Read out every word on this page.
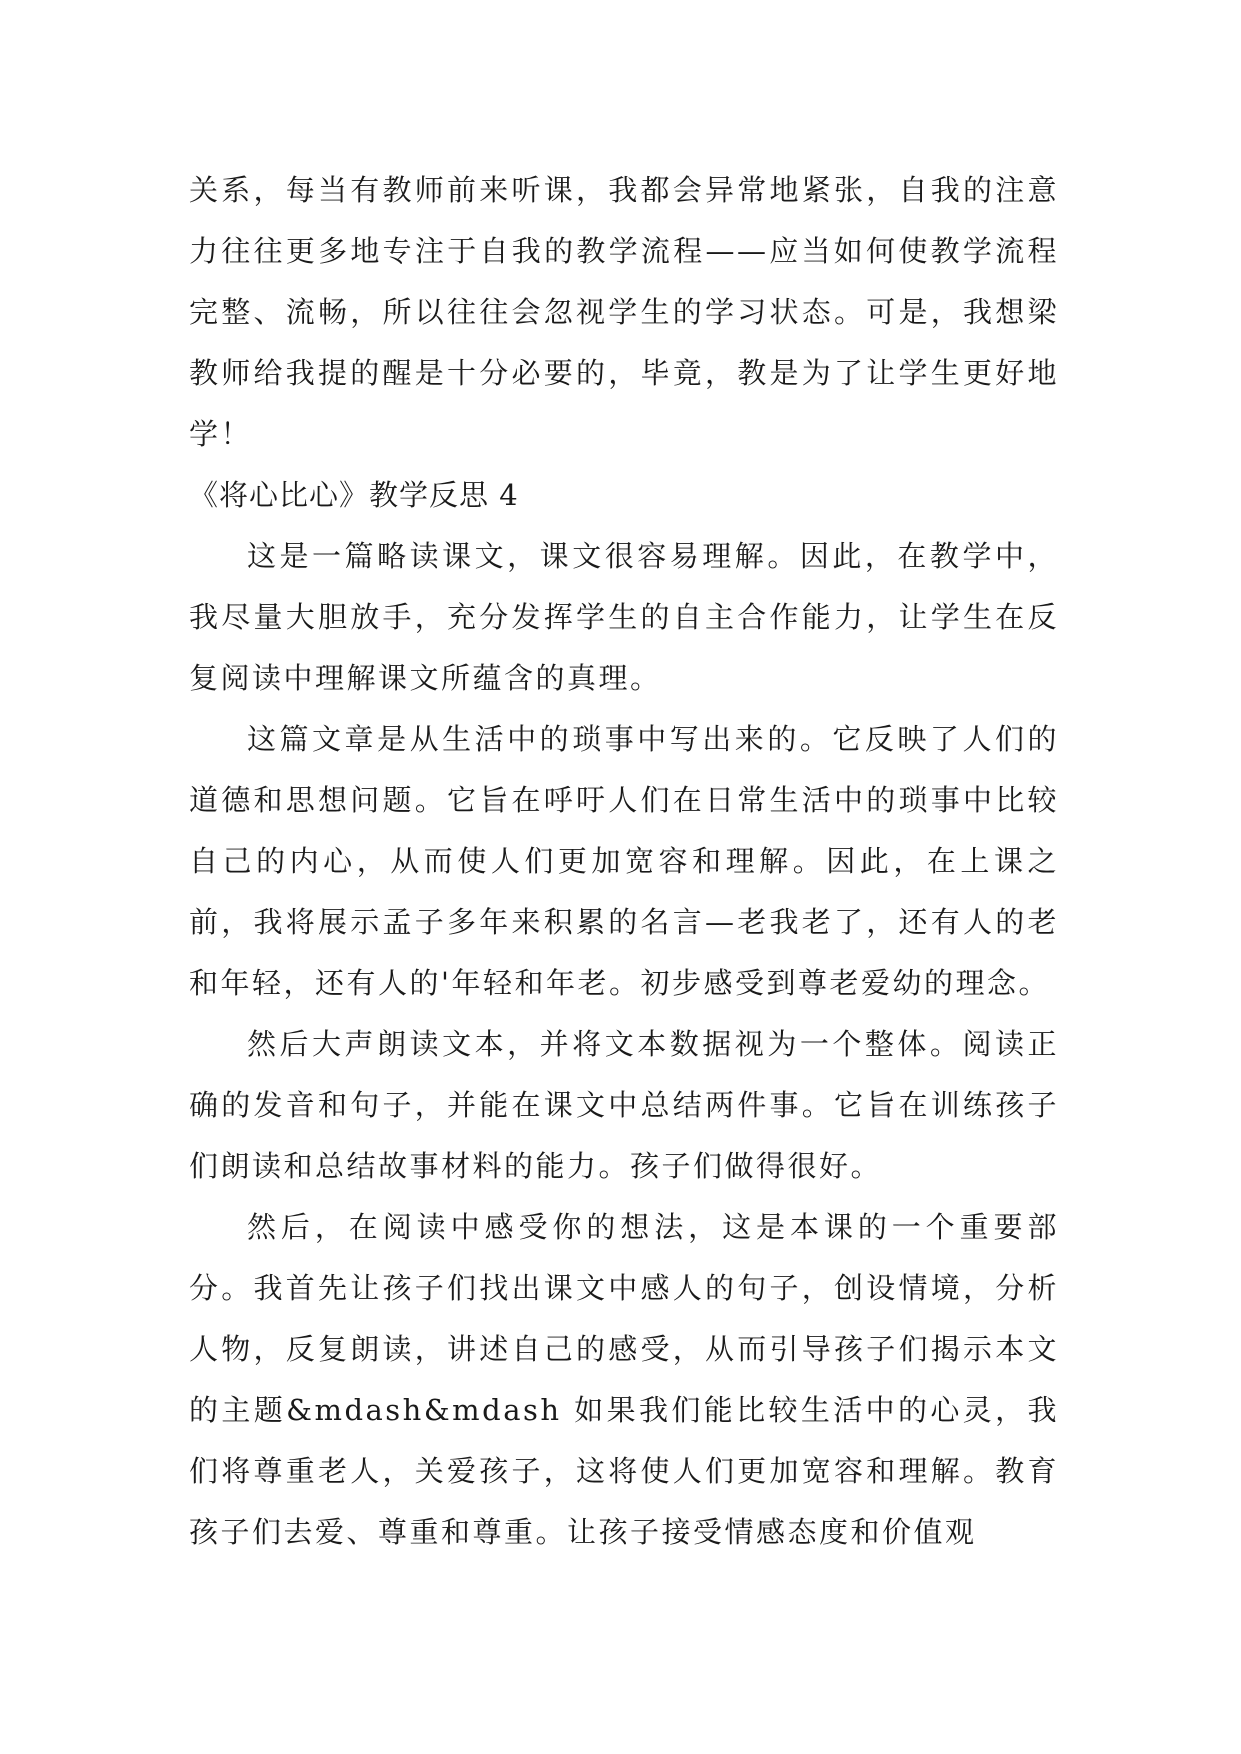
关系，每当有教师前来听课，我都会异常地紧张，自我的注意力往往更多地专注于自我的教学流程——应当如何使教学流程完整、流畅，所以往往会忽视学生的学习状态。可是，我想梁教师给我提的醒是十分必要的，毕竟，教是为了让学生更好地学！

《将心比心》教学反思 4

这是一篇略读课文，课文很容易理解。因此，在教学中，我尽量大胆放手，充分发挥学生的自主合作能力，让学生在反复阅读中理解课文所蕴含的真理。

这篇文章是从生活中的琐事中写出来的。它反映了人们的道德和思想问题。它旨在呼吁人们在日常生活中的琐事中比较自己的内心，从而使人们更加宽容和理解。因此，在上课之前，我将展示孟子多年来积累的名言—老我老了，还有人的老和年轻，还有人的'年轻和年老。初步感受到尊老爱幼的理念。

然后大声朗读文本，并将文本数据视为一个整体。阅读正确的发音和句子，并能在课文中总结两件事。它旨在训练孩子们朗读和总结故事材料的能力。孩子们做得很好。

然后，在阅读中感受你的想法，这是本课的一个重要部分。我首先让孩子们找出课文中感人的句子，创设情境，分析人物，反复朗读，讲述自己的感受，从而引导孩子们揭示本文的主题&mdash&mdash 如果我们能比较生活中的心灵，我们将尊重老人，关爱孩子，这将使人们更加宽容和理解。教育孩子们去爱、尊重和尊重。让孩子接受情感态度和价值观
